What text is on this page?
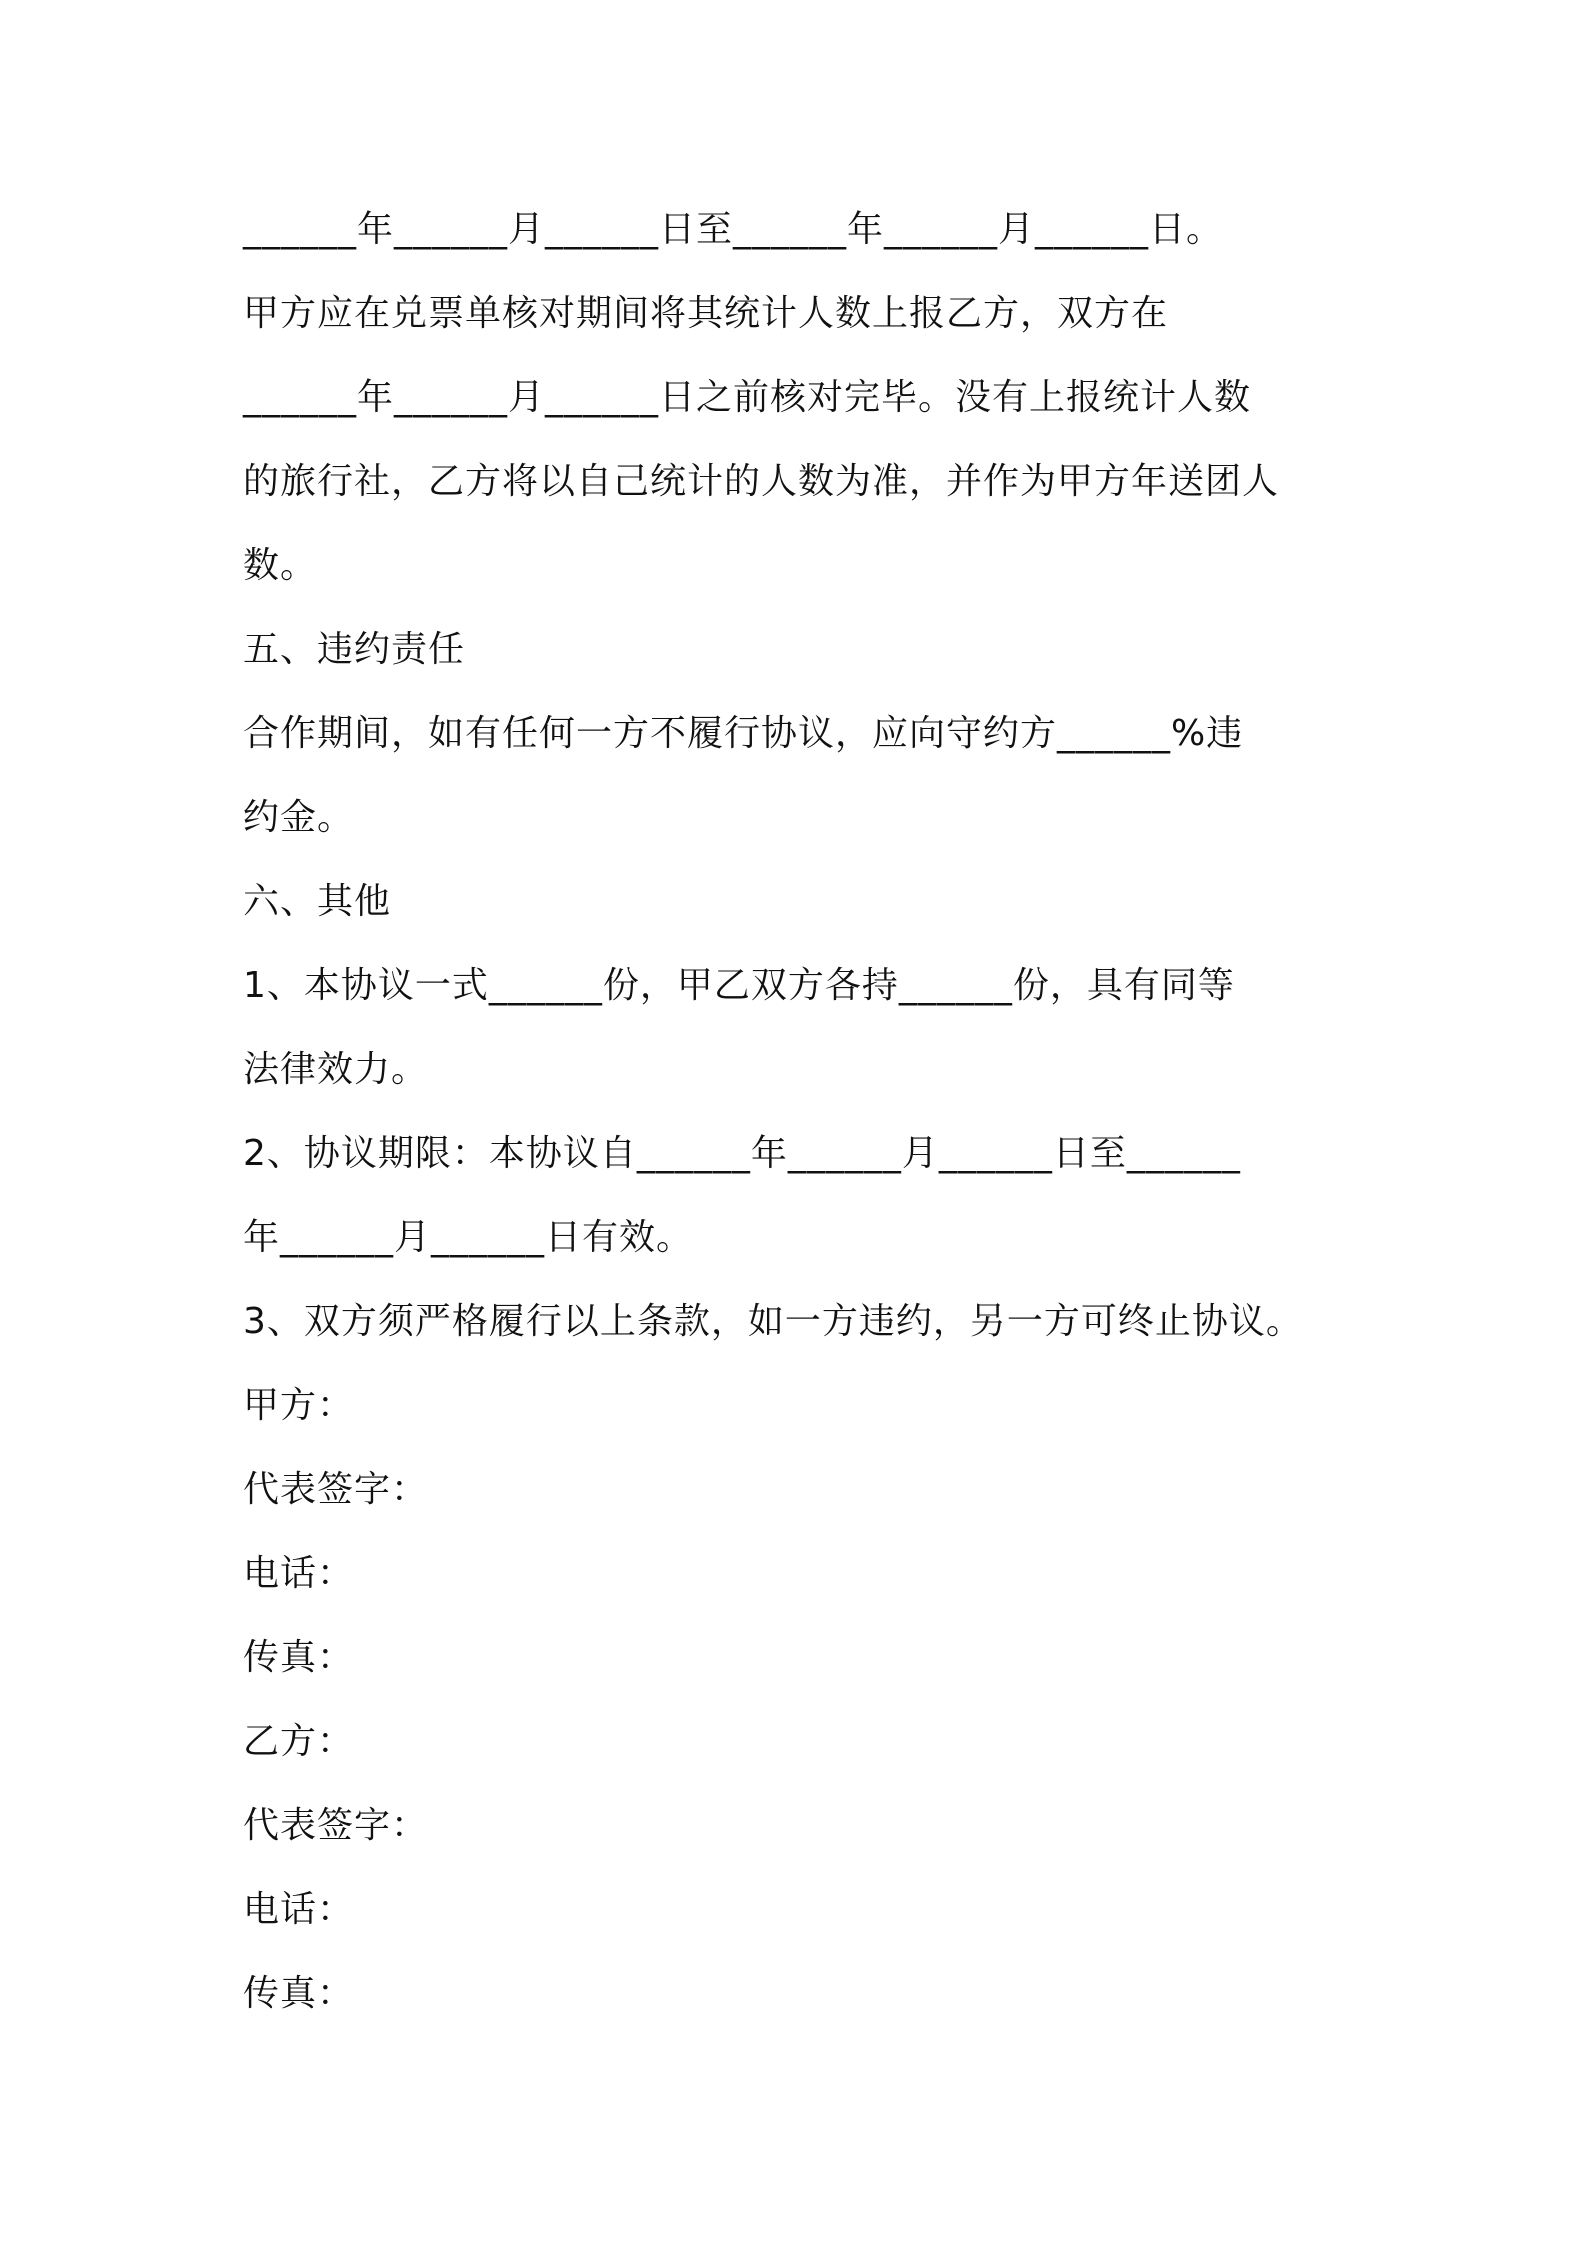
______年______月______日至______年______月______日。
甲方应在兑票单核对期间将其统计人数上报乙方，双方在
______年______月______日之前核对完毕。没有上报统计人数
的旅行社，乙方将以自己统计的人数为准，并作为甲方年送团人
数。
五、违约责任
合作期间，如有任何一方不履行协议，应向守约方______%违
约金。
六、其他
1、本协议一式______份，甲乙双方各持______份，具有同等
法律效力。
2、协议期限：本协议自______年______月______日至______
年______月______日有效。
3、双方须严格履行以上条款，如一方违约，另一方可终止协议。
甲方：
代表签字：
电话：
传真：
乙方：
代表签字：
电话：
传真：
